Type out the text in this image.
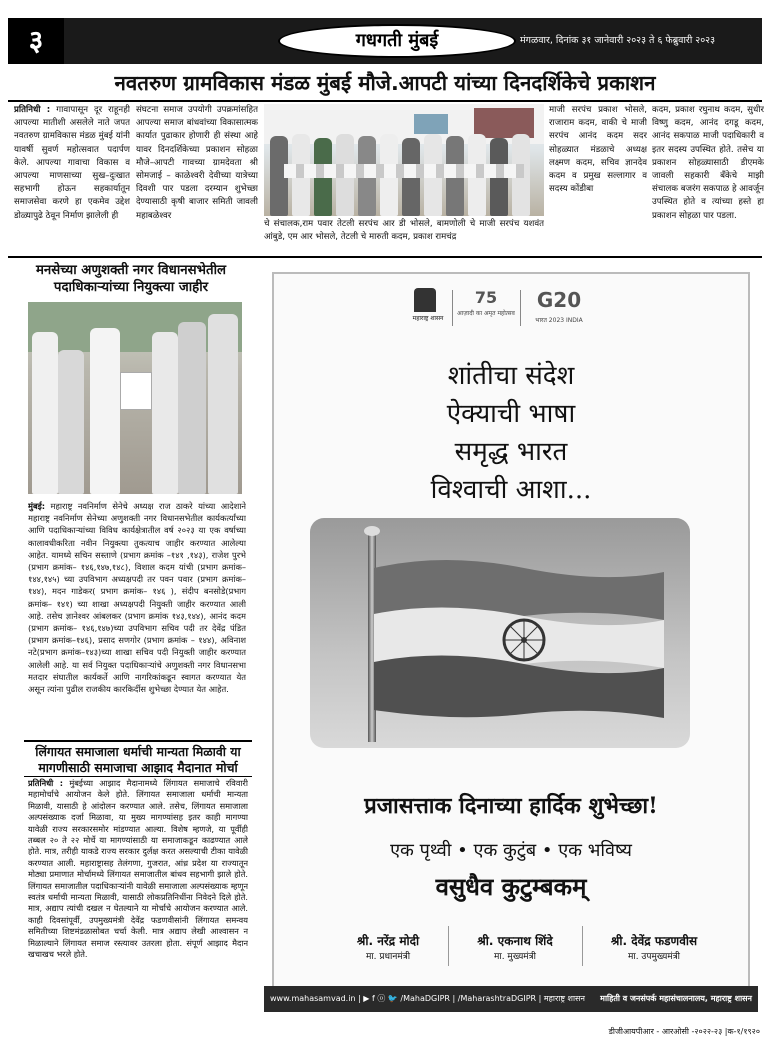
३	गधगती मुंबई	मंगळवार, दिनांक ३१ जानेवारी २०२३ ते ६ फेब्रुवारी २०२३
नवतरुण ग्रामविकास मंडळ मुंबई मौजे.आपटी यांच्या दिनदर्शिकेचे प्रकाशन
प्रतिनिधी : गावापासून दूर राहूनही आपल्या मातीशी असलेले नाते जपत नवतरुण ग्रामविकास मंडळ मुंबई यांनी यावर्षी सुवर्ण महोत्सवात पदार्पण केले. आपल्या गावाचा विकास व आपल्या माणसाच्या सुख–दुःखात सहभागी होऊन सहकार्यातून समाजसेवा करणे हा एकमेव उद्देश डोळ्यापुढे ठेवून निर्माण झालेली ही
संघटना समाज उपयोगी उपक्रमांसहित आपल्या समाज बांधवांच्या विकासात्मक कार्यात पुढाकार होणारी ही संस्था आहे यावर दिनदर्शिकेच्या प्रकाशन सोहळा मौजे–आपटी गावच्या ग्रामदेवता श्री सोमजाई – काळेश्वरी देवीच्या यात्रेच्या दिवशी पार पडला दरम्यान शुभेच्छा देण्यासाठी कृषी बाजार समिती जावली महाबळेश्वर
चे संचालक,राम पवार तेटली सरपंच आर डी भोसले, बामणोली चे माजी सरपंच यशवंत आंबुडे, एम आर भोसले, तेटली चे मारुती कदम, प्रकाश रामचंद्र
माजी सरपंच प्रकाश भोसले, राजाराम कदम, वाकी चे माजी सरपंच आनंद कदम सदर सोहळ्यात मंडळाचे अध्यक्ष लक्ष्मण कदम, सचिव ज्ञानदेव कदम व प्रमुख सल्लागार व सदस्य कोंडीबा
कदम, प्रकाश रघुनाथ कदम, सुधीर विष्णु कदम, आनंद दगडू कदम, आनंद सकपाळ माजी पदाधिकारी व इतर सदस्य उपस्थित होते. तसेच या प्रकाशन सोहळ्यासाठी डीएमके जावली सहकारी बँकेचे माझी संचालक बजरंग सकपाळ हे आवर्जून उपस्थित होते व त्यांच्या हस्ते हा प्रकाशन सोहळा पार पडला.
मनसेच्या अणुशक्ती नगर विधानसभेतील पदाधिकाऱ्यांच्या नियुक्त्या जाहीर
मुंबई: महाराष्ट्र नवनिर्माण सेनेचे अध्यक्ष राज ठाकरे यांच्या आदेशाने महाराष्ट्र नवनिर्माण सेनेच्या अणुशक्ती नगर विधानसभेतील कार्यकर्त्यांच्या आणि पदाधिकाऱ्यांच्या विविध कार्यक्षेत्रातील वर्ष २०२३ या एक वर्षाच्या कालावधीकरिता नवीन नियुक्त्या तुकत्याच जाहीर करण्यात आलेल्या आहेत. यामध्ये सचिन सस्ताणे (प्रभाग क्रमांक –१४१ ,१४३), राजेश पुरभे (प्रभाग क्रमांक– १४६,१४७,१४८), विशाल कदम यांची (प्रभाग क्रमांक–१४४,१४५) च्या उपविभाग अध्यक्षपदी तर पवन पवार (प्रभाग क्रमांक– १४४), मदन गाडेकर( प्रभाग क्रमांक– १४६ ), संदीप बनसोडे(प्रभाग क्रमांक– १४१) च्या शाखा अध्यक्षपदी नियुक्ती जाहीर करण्यात आली आहे. तसेच ज्ञानेश्वर आंबलकर (प्रभाग क्रमांक १४३,१४४), आनंद कदम (प्रभाग क्रमांक– १४६,१४७)च्या उपविभाग सचिव पदी तर देवेंद्र पंडित (प्रभाग क्रमांक–१४६), प्रसाद सणगोर (प्रभाग क्रमांक – १४४), अविनाश नटे(प्रभाग क्रमांक–१४३)च्या शाखा सचिव पदी नियुक्ती जाहीर करण्यात आलेली आहे. या सर्व नियुक्त पदाधिकाऱ्यांचे अणुशक्ती नगर विधानसभा मतदार संघातील कार्यकर्ते आणि नागरिकांकडून स्वागत करण्यात येत असून त्यांना पुढील राजकीय कारकिर्दीस शुभेच्छा देण्यात येत आहेत.
लिंगायत समाजाला धर्माची मान्यता मिळावी या मागणीसाठी समाजाचा आझाद मैदानात मोर्चा
प्रतिनिधी : मुंबईच्या आझाद मैदानामध्ये लिंगायत समाजाचे रविवारी महामोर्चाचे आयोजन केले होते. लिंगायत समाजाला धर्माची मान्यता मिळावी, यासाठी हे आंदोलन करण्यात आले. तसेच, लिंगायत समाजाला अल्पसंख्याक दर्जा मिळावा, या मुख्य मागण्यांसह इतर काही मागण्या यावेळी राज्य सरकारसमोर मांडण्यात आल्या. विशेष म्हणजे, या पूर्वीही तब्बल २० ते २२ मोर्चे या मागण्यांसाठी या समाजाकडून काढण्यात आले होते. मात्र, तरीही याकडे राज्य सरकार दुर्लक्ष करत असल्याची टीका यावेळी करण्यात आली. महाराष्ट्रासह तेलंगणा, गुजरात, आंध्र प्रदेश या राज्यातून मोठ्या प्रमाणात मोर्चामध्ये लिंगायत समाजातील बांधव सहभागी झाले होते. लिंगायत समाजातील पदाधिकाऱ्यांनी यावेळी समाजाला अल्पसंख्याक म्हणून स्वतंत्र धर्माची मान्यता मिळावी, यासाठी लोकप्रतिनिधींना निवेदने दिले होते. मात्र, अद्याप त्यांची दखल न घेतल्याने या मोर्चाचे आयोजन करण्यात आले. काही दिवसांपूर्वी, उपमुख्यमंत्री देवेंद्र फडणवीसांनी लिंगायत समन्वय समितीच्या शिष्टमंडळासोबत चर्चा केली. मात्र अद्याप लेखी आश्वासन न मिळाल्याने लिंगायत समाज रस्त्यावर उतरला होता. संपूर्ण आझाद मैदान खचाखच भरले होते.
महाराष्ट्र शासन
75
आज़ादी का अमृत महोत्सव
G20
भारत 2023 INDIA
शांतीचा संदेश
ऐक्याची भाषा
समृद्ध भारत
विश्वाची आशा...
प्रजासत्ताक दिनाच्या हार्दिक शुभेच्छा!
एक पृथ्वी • एक कुटुंब • एक भविष्य
वसुधैव कुटुम्बकम्
श्री. नरेंद्र मोदी
मा. प्रधानमंत्री
श्री. एकनाथ शिंदे
मा. मुख्यमंत्री
श्री. देवेंद्र फडणवीस
मा. उपमुख्यमंत्री
www.mahasamvad.in | ▶ f ⓞ 🐦 /MahaDGIPR | /MaharashtraDGIPR | महाराष्ट्र शासन माहिती व जनसंपर्क महासंचालनालय, महाराष्ट्र शासन
डीजीआयपीआर - आरओसी -२०२२-२३ |क-१/१९२०
